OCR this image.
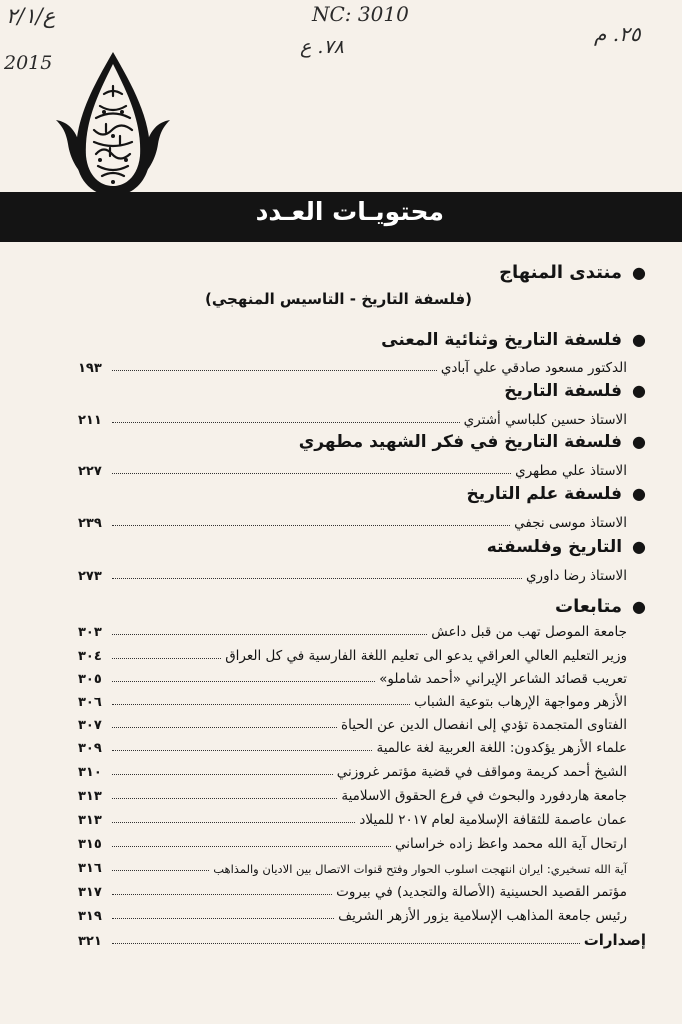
ع/٢/١
2015
NC: 3010
٧٨. ع
٢٥. م
محتويـات العـدد
●منتدى المنهاج
(فلسفة التاريخ - التاسيس المنهجي)
●فلسفة التاريخ وثنائية المعنى
الدكتور مسعود صادقي علي آبادي
١٩٣
●فلسفة التاريخ
الاستاذ حسين كلباسي أشتري
٢١١
●فلسفة التاريخ في فكر الشهيد مطهري
الاستاذ علي مطهري
٢٢٧
●فلسفة علم التاريخ
الاستاذ موسى نجفي
٢٣٩
●التاريخ وفلسفته
الاستاذ رضا داوري
٢٧٣
●متابعات
جامعة الموصل تهب من قبل داعش
٣٠٣
وزير التعليم العالي العراقي يدعو الى تعليم اللغة الفارسية في كل العراق
٣٠٤
تعريب قصائد الشاعر الإيراني «أحمد شاملو»
٣٠٥
الأزهر ومواجهة الإرهاب بتوعية الشباب
٣٠٦
الفتاوى المتجمدة تؤدي إلى انفصال الدين عن الحياة
٣٠٧
علماء الأزهر يؤكدون: اللغة العربية لغة عالمية
٣٠٩
الشيخ أحمد كريمة ومواقف في قضية مؤتمر غروزني
٣١٠
جامعة هاردفورد والبحوث في فرع الحقوق الاسلامية
٣١٣
عمان عاصمة للثقافة الإسلامية لعام ٢٠١٧ للميلاد
٣١٣
ارتحال آية الله محمد واعظ زاده خراساني
٣١٥
آية الله تسخيري: ايران انتهجت اسلوب الحوار وفتح قنوات الاتصال بين الاديان والمذاهب
٣١٦
مؤتمر القصيد الحسينية (الأصالة والتجديد) في بيروت
٣١٧
رئيس جامعة المذاهب الإسلامية يزور الأزهر الشريف
٣١٩
إصدارات
٣٢١
